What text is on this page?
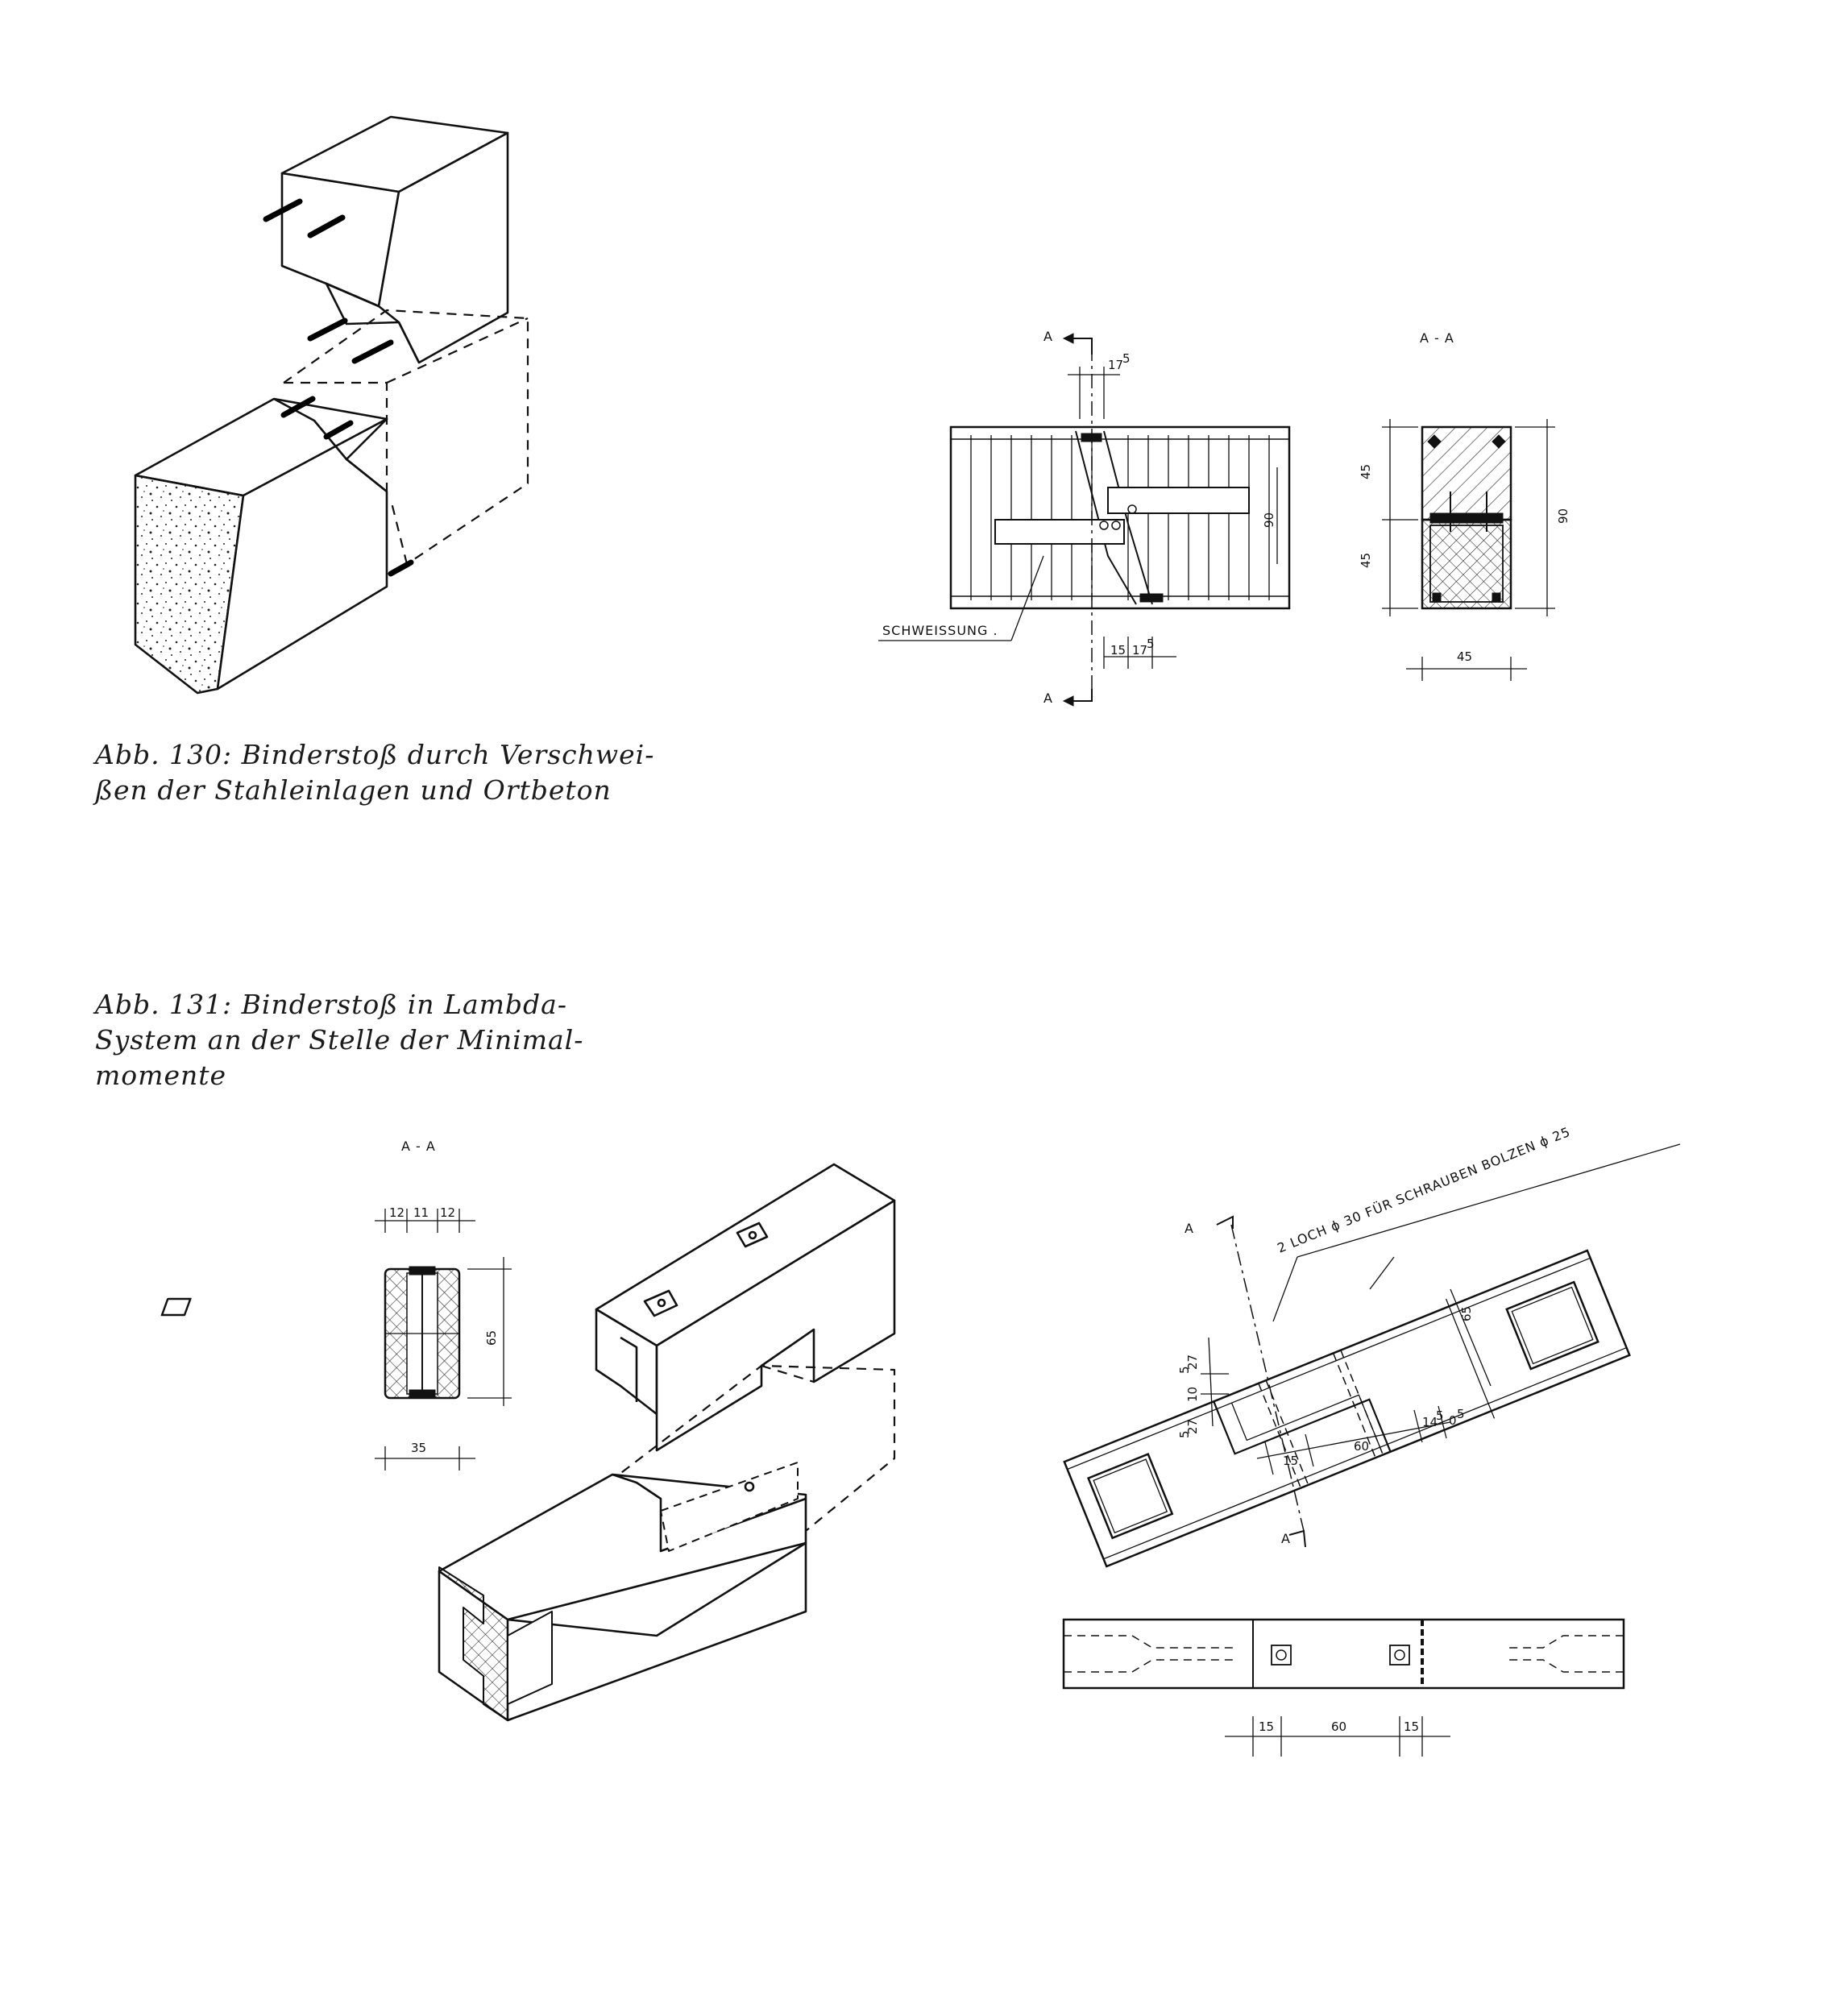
A
A
17
5
15 17
5
90
SCHWEISSUNG .
A - A
45
45
90
45
A - A
12 11 12
65
35
2 LOCH ϕ 30 FÜR SCHRAUBEN BOLZEN ϕ 25
A
A
65
27
5
10
27
5
15
60
14
5 0 5
15	60	15

Abb. 130: Binderstoß durch Verschwei-
ßen der Stahleinlagen und Ortbeton

Abb. 131: Binderstoß in Lambda-
System an der Stelle der Minimal-
momente
